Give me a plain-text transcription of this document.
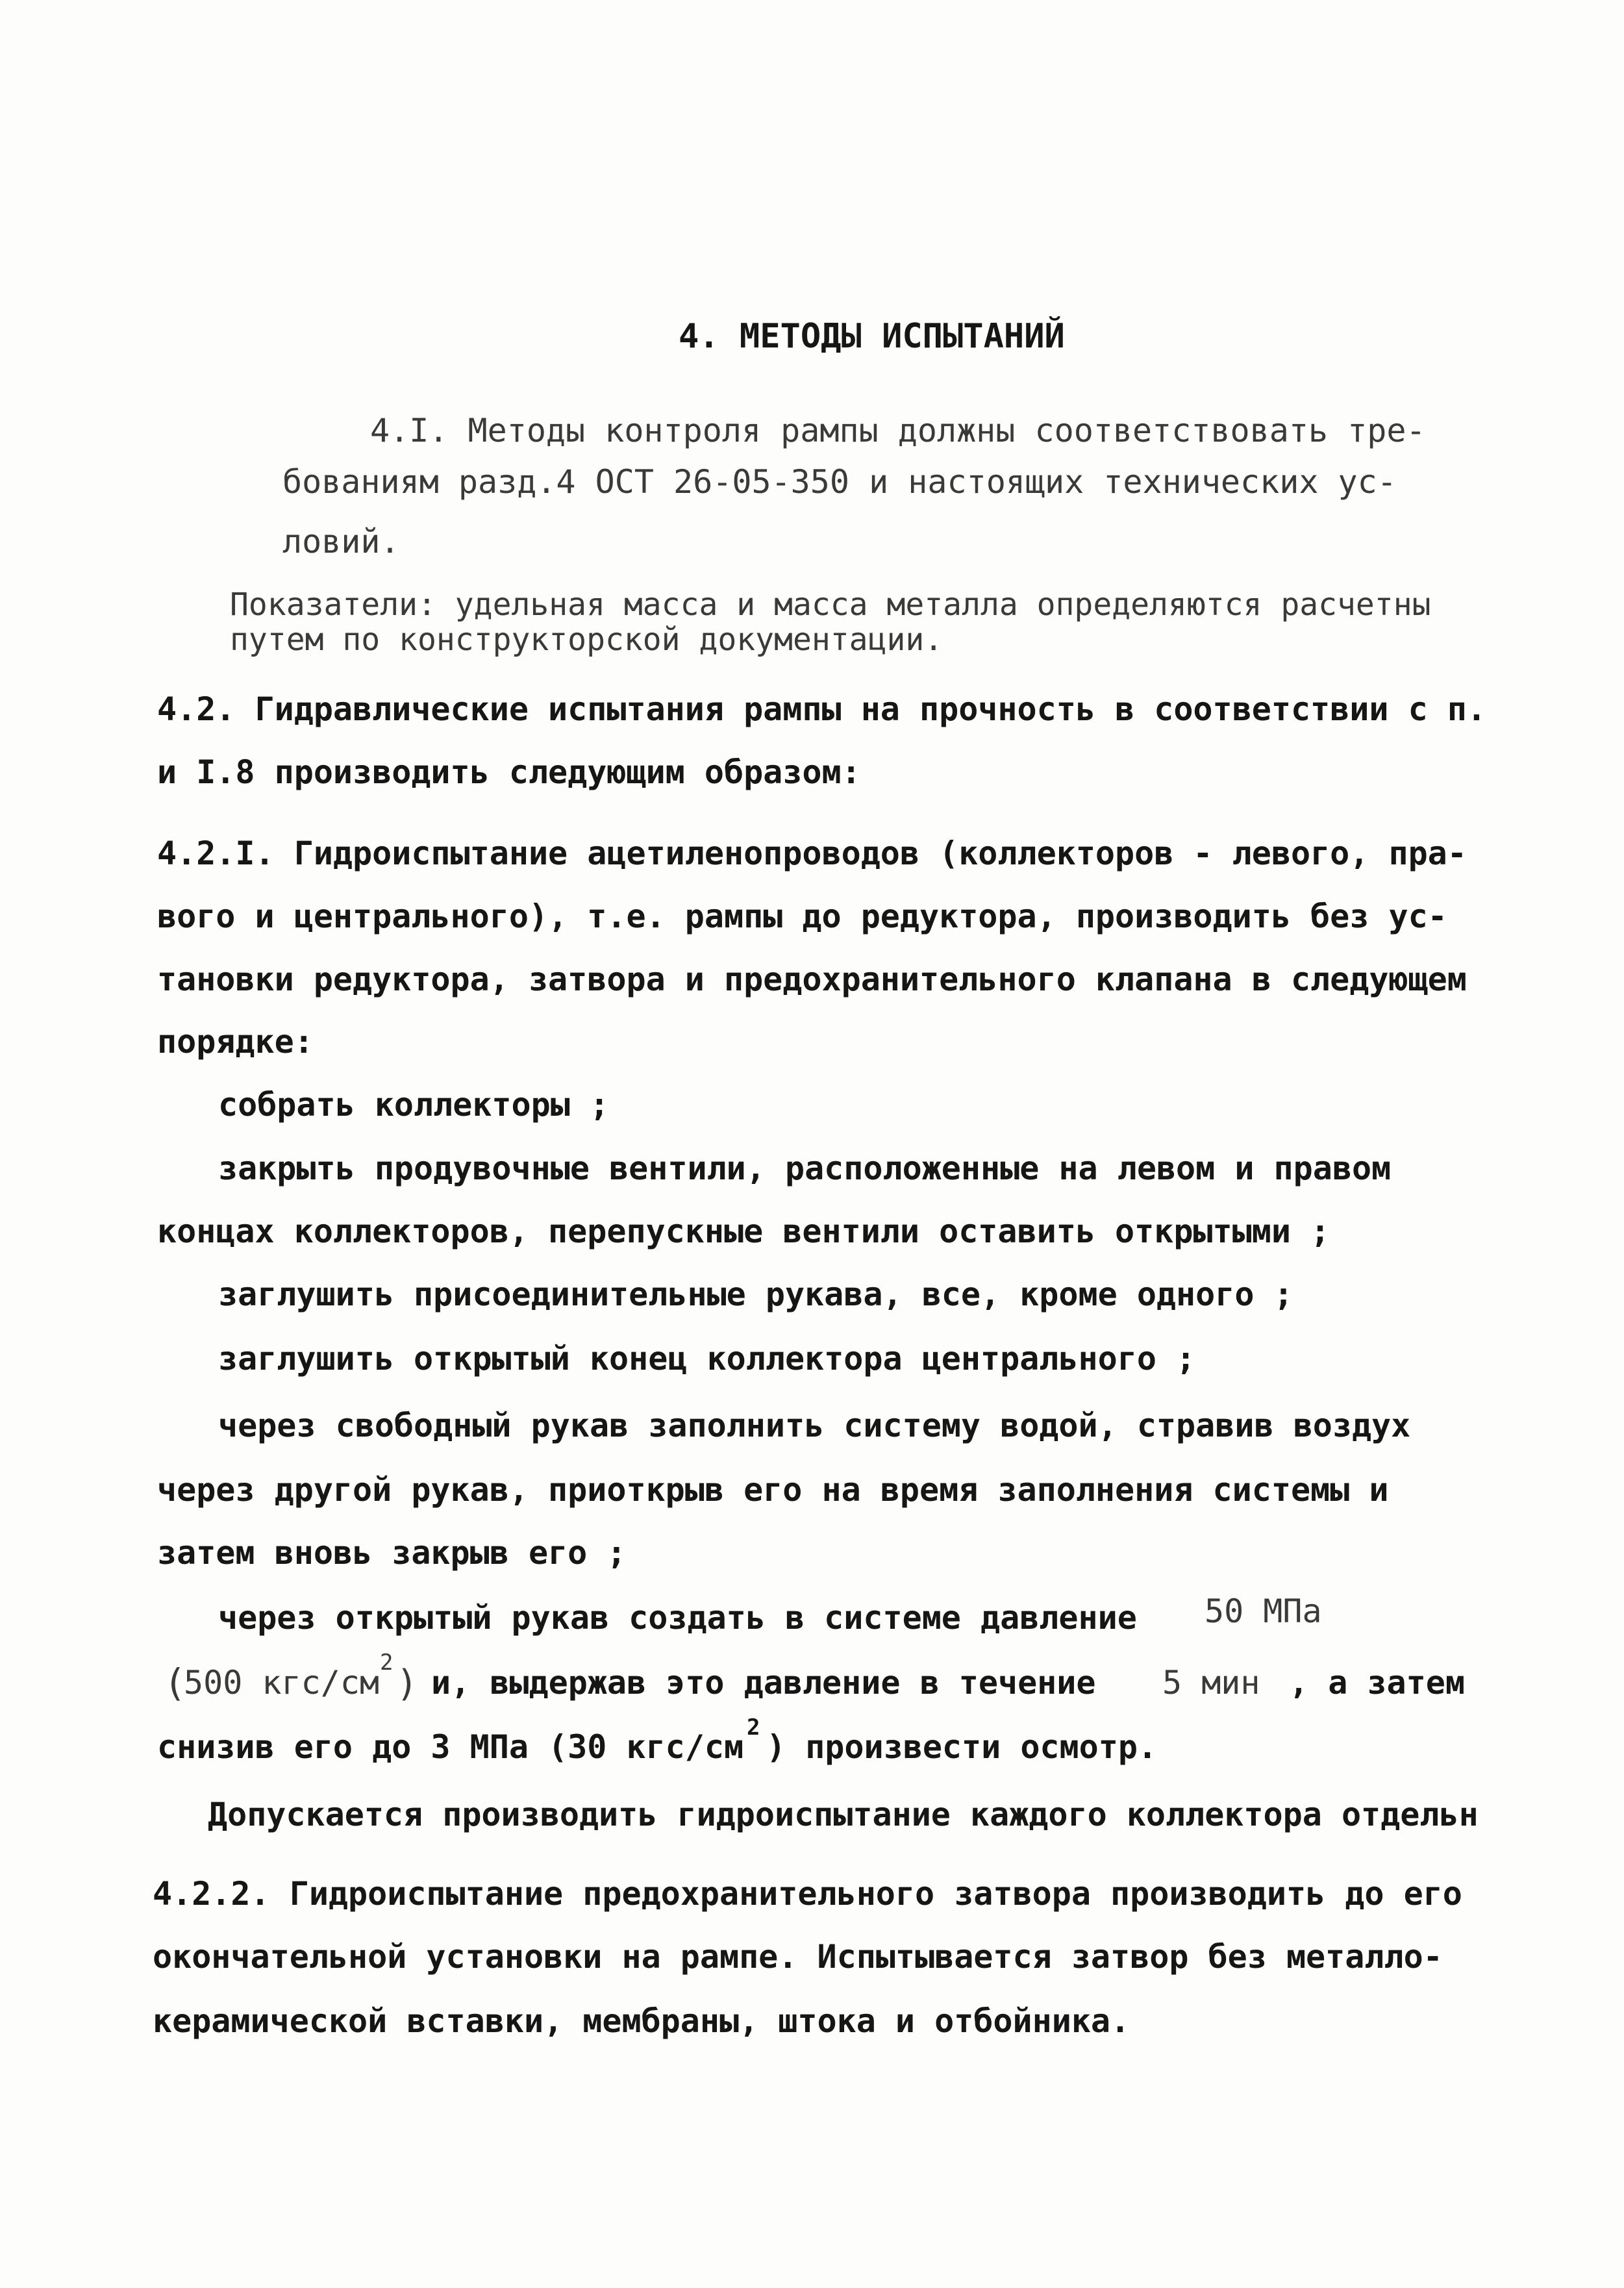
4. МЕТОДЫ ИСПЫТАНИЙ
4.I. Методы контроля рампы должны соответствовать тре-
бованиям разд.4 ОСТ 26-05-350 и настоящих технических ус-
ловий.
Показатели: удельная масса и масса металла определяются расчетны
путем по конструкторской документации.
4.2. Гидравлические испытания рампы на прочность в соответствии с п.
и I.8 производить следующим образом:
4.2.I. Гидроиспытание ацетиленопроводов (коллекторов - левого, пра-
вого и центрального), т.е. рампы до редуктора, производить без ус-
тановки редуктора, затвора и предохранительного клапана в следующем
порядке:
собрать коллекторы ;
закрыть продувочные вентили, расположенные на левом и правом
концах коллекторов, перепускные вентили оставить открытыми ;
заглушить присоединительные рукава, все, кроме одного ;
заглушить открытый конец коллектора центрального ;
через свободный рукав заполнить систему водой, стравив воздух
через другой рукав, приоткрыв его на время заполнения системы и
затем вновь закрыв его ;
через открытый рукав создать в системе давление 50 МПа
(
500 кгс/см
2 ) и, выдержав это давление в течение 5 мин , а затем
снизив его до 3 МПа (30 кгс/см
2
) произвести осмотр.
Допускается производить гидроиспытание каждого коллектора отдельн
4.2.2. Гидроиспытание предохранительного затвора производить до его
окончательной установки на рампе. Испытывается затвор без металло-
керамической вставки, мембраны, штока и отбойника.
